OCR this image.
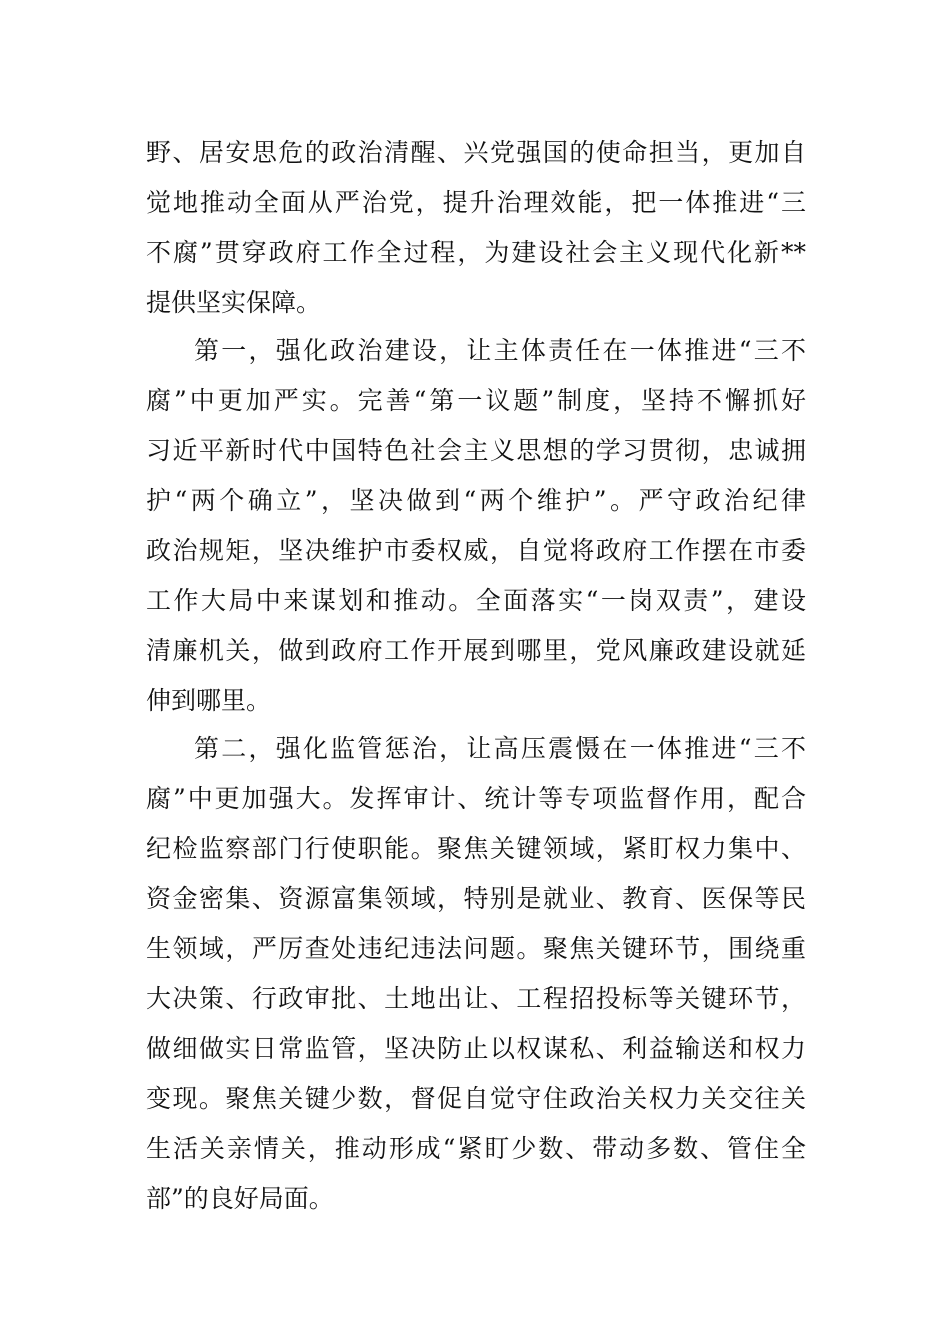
野、居安思危的政治清醒、兴党强国的使命担当，更加自
觉地推动全面从严治党，提升治理效能，把一体推进“三
不腐”贯穿政府工作全过程，为建设社会主义现代化新**
提供坚实保障。
第一，强化政治建设，让主体责任在一体推进“三不
腐”中更加严实。完善“第一议题”制度，坚持不懈抓好
习近平新时代中国特色社会主义思想的学习贯彻，忠诚拥
护“两个确立”，坚决做到“两个维护”。严守政治纪律
政治规矩，坚决维护市委权威，自觉将政府工作摆在市委
工作大局中来谋划和推动。全面落实“一岗双责”，建设
清廉机关，做到政府工作开展到哪里，党风廉政建设就延
伸到哪里。
第二，强化监管惩治，让高压震慑在一体推进“三不
腐”中更加强大。发挥审计、统计等专项监督作用，配合
纪检监察部门行使职能。聚焦关键领域，紧盯权力集中、
资金密集、资源富集领域，特别是就业、教育、医保等民
生领域，严厉查处违纪违法问题。聚焦关键环节，围绕重
大决策、行政审批、土地出让、工程招投标等关键环节，
做细做实日常监管，坚决防止以权谋私、利益输送和权力
变现。聚焦关键少数，督促自觉守住政治关权力关交往关
生活关亲情关，推动形成“紧盯少数、带动多数、管住全
部”的良好局面。
